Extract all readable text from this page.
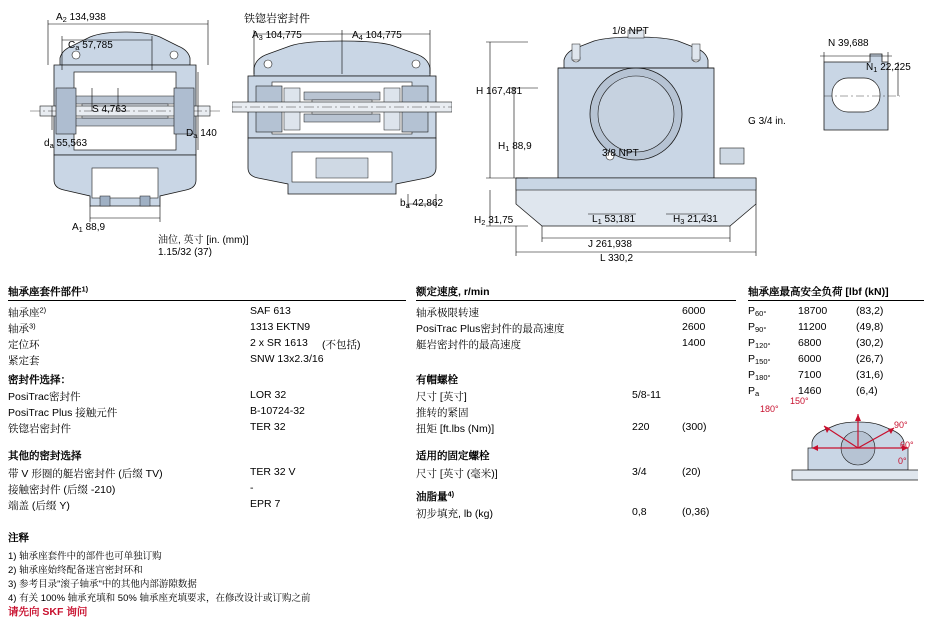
$A_2$ 134,938
$C_a$ 57,785
S 4,763
$d_a$ 55,563
$D_a$ 140
$A_1$ 88,9
油位, 英寸 [in. (mm)]
1.15/32 (37)
铁锪岩密封件
$A_3$ 104,775	$A_4$ 104,775
$b_a$ 42,862
1/8 NPT
H 167,481
$H_1$ 88,9
$H_2$ 31,75	$H_3$ 21,431
$L_1$ 53,181
J 261,938
L 330,2
3/8 NPT
G 3/4 in.
N 39,688
$N_1$ 22,225
轴承座套件部件$^{1)}$
轴承座$^{2)}$	SAF 613
轴承$^{3)}$	1313 EKTN9
定位环	2 x SR 1613 (不包括)
紧定套	SNW 13x2.3/16
密封件选择：
PosiTrac密封件	LOR 32
PosiTrac Plus 接触元件	B-10724-32
铁锪岩密封件	TER 32
其他的密封选择
带 V 形圈的艇岩密封件 (后缀 TV)	TER 32 V
接触密封件 (后缀 -210)	-
端盖 (后缀 Y)	EPR 7
额定速度, r/min
轴承极限转速	6000
PosiTrac Plus密封件的最高速度	2600
艇岩密封件的最高速度	1400
有帽螺栓
尺寸 [英寸]	5/8-11
推转的紧固
扭矩 [ft.lbs (Nm)]	220	(300)
适用的固定螺栓
尺寸 [英寸 (毫米)]	3/4	(20)
油脂量$^{4)}$
初步填充, lb (kg)	0,8	(0,36)
轴承座最高安全负荷 [lbf (kN)]
$P_{60^\circ}$	18700	(83,2)
$P_{90^\circ}$	11200	(49,8)
$P_{120^\circ}$	6800	(30,2)
$P_{150^\circ}$	6000	(26,7)
$P_{180^\circ}$	7100	(31,6)
$P_a$	1460	(6,4)
180°
150°
90°
60°
0°
注释
1) 轴承座套件中的部件也可单独订购
2) 轴承座始终配备迷宫密封环和
3) 参考目录"滚子轴承"中的其他内部游隙数据
4) 有关 100% 轴承充填和 50% 轴承座充填要求，在修改设计或订购之前
请先向 SKF 询问
